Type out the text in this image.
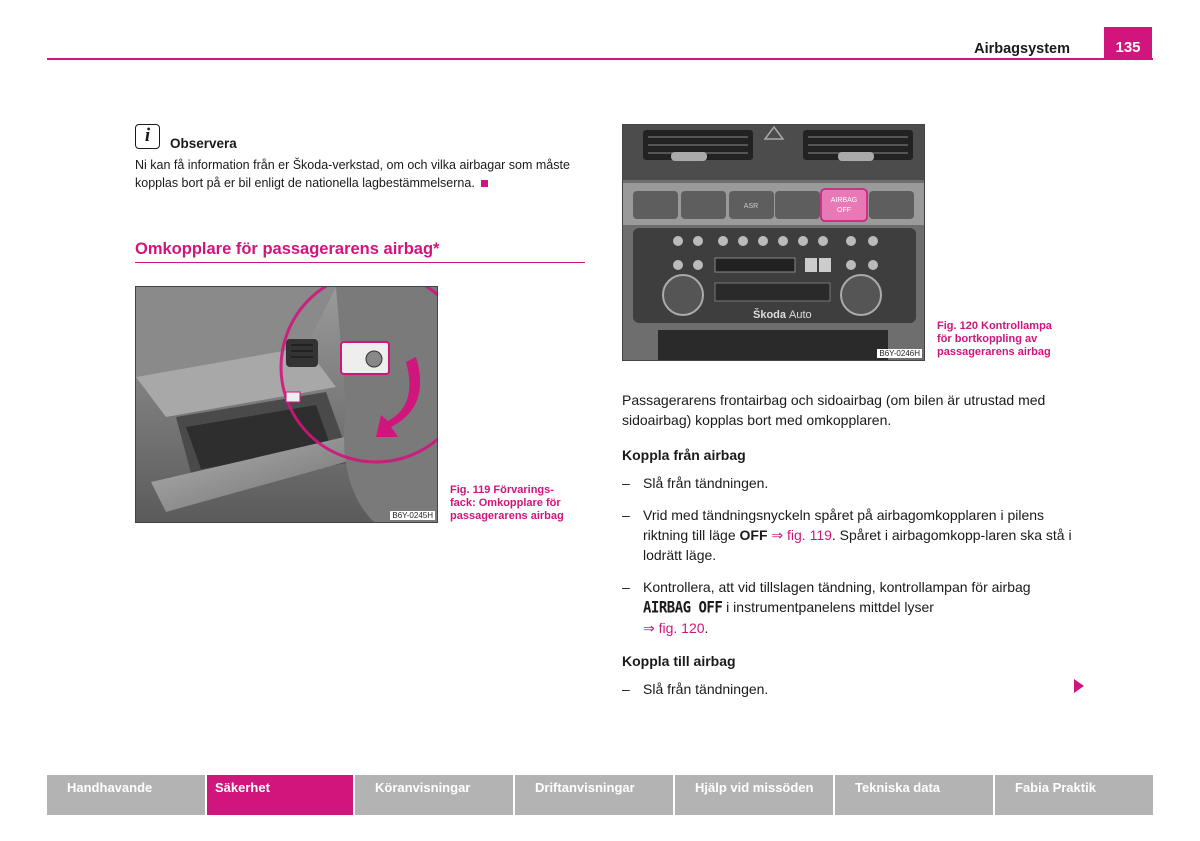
Airbagsystem	135
i	Observera
Ni kan få information från er Škoda-verkstad, om och vilka airbagar som måste kopplas bort på er bil enligt de nationella lagbestämmelserna.
Omkopplare för passagerarens airbag*
B6Y-0245H
Fig. 119 Förvarings-
fack: Omkopplare för
passagerarens airbag
AIRBAG
OFF
ASR
Škoda Auto
B6Y-0246H
Fig. 120 Kontrollampa
för bortkoppling av
passagerarens airbag
Passagerarens frontairbag och sidoairbag (om bilen är utrustad med sidoairbag) kopplas bort med omkopplaren.
Koppla från airbag
– Slå från tändningen.
– Vrid med tändningsnyckeln spåret på airbagomkopplaren i pilens riktning till läge OFF ⇒ fig. 119. Spåret i airbagomkopp-laren ska stå i lodrätt läge.
– Kontrollera, att vid tillslagen tändning, kontrollampan för airbag AIRBAG OFF i instrumentpanelens mittdel lyser
⇒ fig. 120.
Koppla till airbag
– Slå från tändningen.
Handhavande	Säkerhet	Köranvisningar	Driftanvisningar	Hjälp vid missöden	Tekniska data	Fabia Praktik
